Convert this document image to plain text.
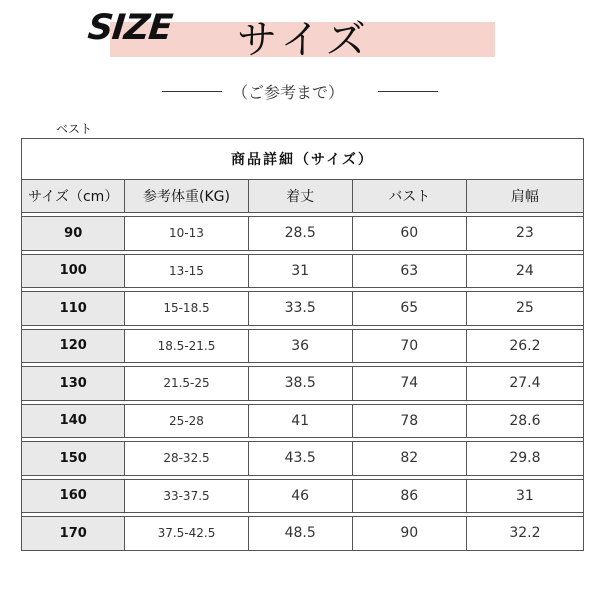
SIZE サイズ
（ご参考まで）
ベスト
商品詳細（サイズ）				
サイズ（cm）	参考体重(KG)	着丈	バスト	肩幅

90	10-13	28.5	60	23

100	13-15	31	63	24

110	15-18.5	33.5	65	25

120	18.5-21.5	36	70	26.2

130	21.5-25	38.5	74	27.4

140	25-28	41	78	28.6

150	28-32.5	43.5	82	29.8

160	33-37.5	46	86	31

170	37.5-42.5	48.5	90	32.2
